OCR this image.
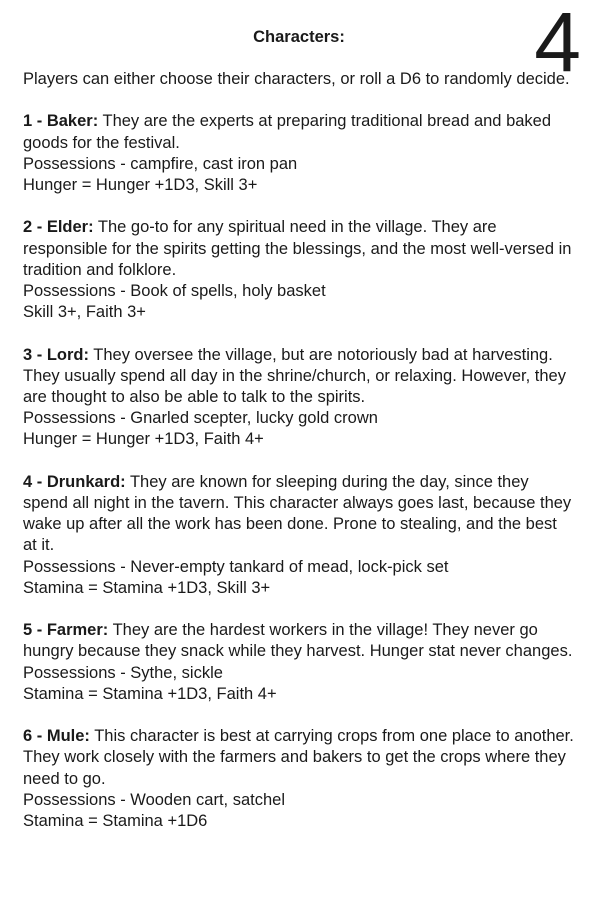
4
Characters:

Players can either choose their characters, or roll a D6 to randomly decide.

1 - Baker: They are the experts at preparing traditional bread and baked goods for the festival.

Possessions - campfire, cast iron pan

Hunger = Hunger +1D3, Skill 3+

2 - Elder: The go-to for any spiritual need in the village. They are responsible for the spirits getting the blessings, and the most well-versed in tradition and folklore.

Possessions - Book of spells, holy basket

Skill 3+, Faith 3+

3 - Lord: They oversee the village, but are notoriously bad at harvesting. They usually spend all day in the shrine/church, or relaxing. However, they are thought to also be able to talk to the spirits.

Possessions - Gnarled scepter, lucky gold crown

Hunger = Hunger +1D3, Faith 4+

4 - Drunkard: They are known for sleeping during the day, since they spend all night in the tavern. This character always goes last, because they wake up after all the work has been done. Prone to stealing, and the best at it.

Possessions - Never-empty tankard of mead, lock-pick set

Stamina = Stamina +1D3, Skill 3+

5 - Farmer: They are the hardest workers in the village! They never go hungry because they snack while they harvest. Hunger stat never changes.

Possessions - Sythe, sickle

Stamina = Stamina +1D3, Faith 4+

6 - Mule: This character is best at carrying crops from one place to another. They work closely with the farmers and bakers to get the crops where they need to go.

Possessions - Wooden cart, satchel

Stamina = Stamina +1D6
